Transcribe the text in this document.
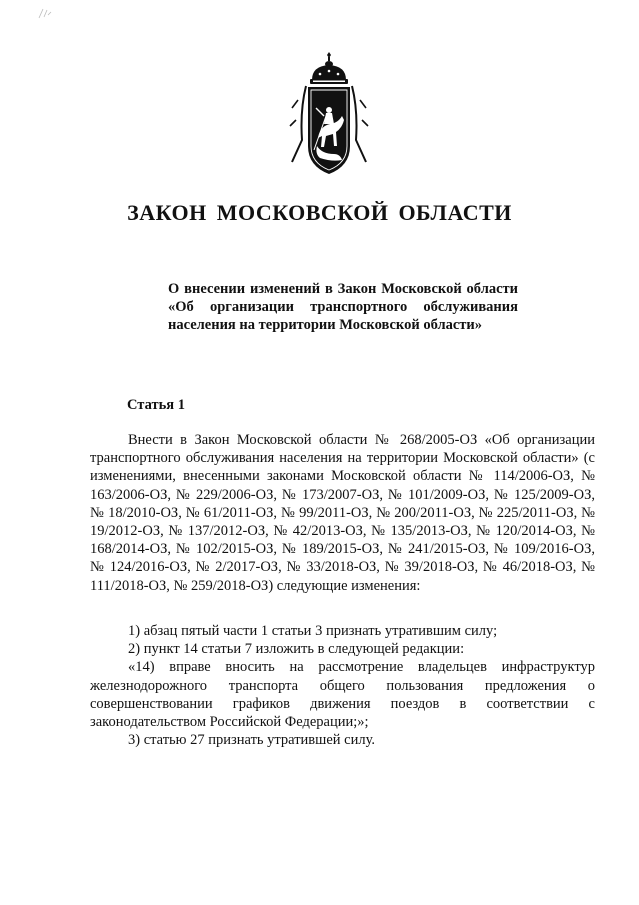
ЗАКОН МОСКОВСКОЙ ОБЛАСТИ
О внесении изменений в Закон Московской области «Об организации транспортного обслуживания населения на территории Московской области»
Статья 1

Внести в Закон Московской области № 268/2005-ОЗ «Об организации транспортного обслуживания населения на территории Московской области» (с изменениями, внесенными законами Московской области № 114/2006-ОЗ, № 163/2006-ОЗ, № 229/2006-ОЗ, № 173/2007-ОЗ, № 101/2009-ОЗ, № 125/2009-ОЗ, № 18/2010-ОЗ, № 61/2011-ОЗ, № 99/2011-ОЗ, № 200/2011-ОЗ, № 225/2011-ОЗ, № 19/2012-ОЗ, № 137/2012-ОЗ, № 42/2013-ОЗ, № 135/2013-ОЗ, № 120/2014-ОЗ, № 168/2014-ОЗ, № 102/2015-ОЗ, № 189/2015-ОЗ, № 241/2015-ОЗ, № 109/2016-ОЗ, № 124/2016-ОЗ, № 2/2017-ОЗ, № 33/2018-ОЗ, № 39/2018-ОЗ, № 46/2018-ОЗ, № 111/2018-ОЗ, № 259/2018-ОЗ) следующие изменения:

1) абзац пятый части 1 статьи 3 признать утратившим силу;

2) пункт 14 статьи 7 изложить в следующей редакции:

«14) вправе вносить на рассмотрение владельцев инфраструктур железнодорожного транспорта общего пользования предложения о совершенствовании графиков движения поездов в соответствии с законодательством Российской Федерации;»;

3) статью 27 признать утратившей силу.
